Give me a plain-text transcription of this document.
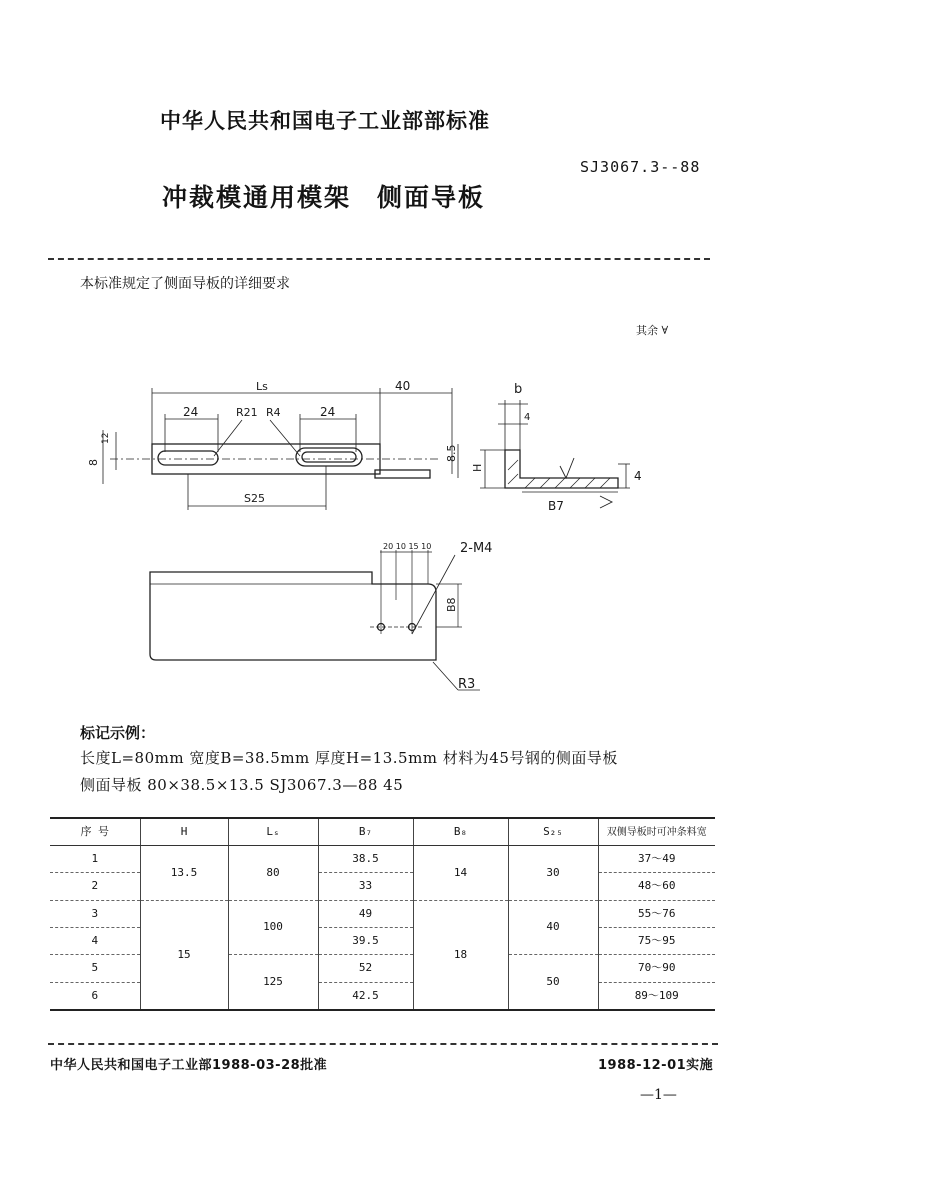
中华人民共和国电子工业部部标准
SJ3067.3--88
冲裁模通用模架 侧面导板
本标准规定了侧面导板的详细要求
其余 ∀
Ls	40
24	R21 R4	24
12
8
8.5
S25
b
4
H
B7
4
20 10 15 10 2-M4
B8
R3
标记示例：
长度L=80mm 宽度B=38.5mm 厚度H=13.5mm 材料为45号钢的侧面导板
侧面导板 80×38.5×13.5 SJ3067.3—88 45
序 号	H	Lₛ	B₇	B₈	S₂₅	双侧导板时可冲条料宽
1	13.5	80	38.5	14	30	37～49
2			33			48～60
3	15	100	49	18	40	55～76
4			39.5			75～95
5		125	52		50	70～90
6			42.5			89～109
中华人民共和国电子工业部1988-03-28批准	1988-12-01实施
—1—
